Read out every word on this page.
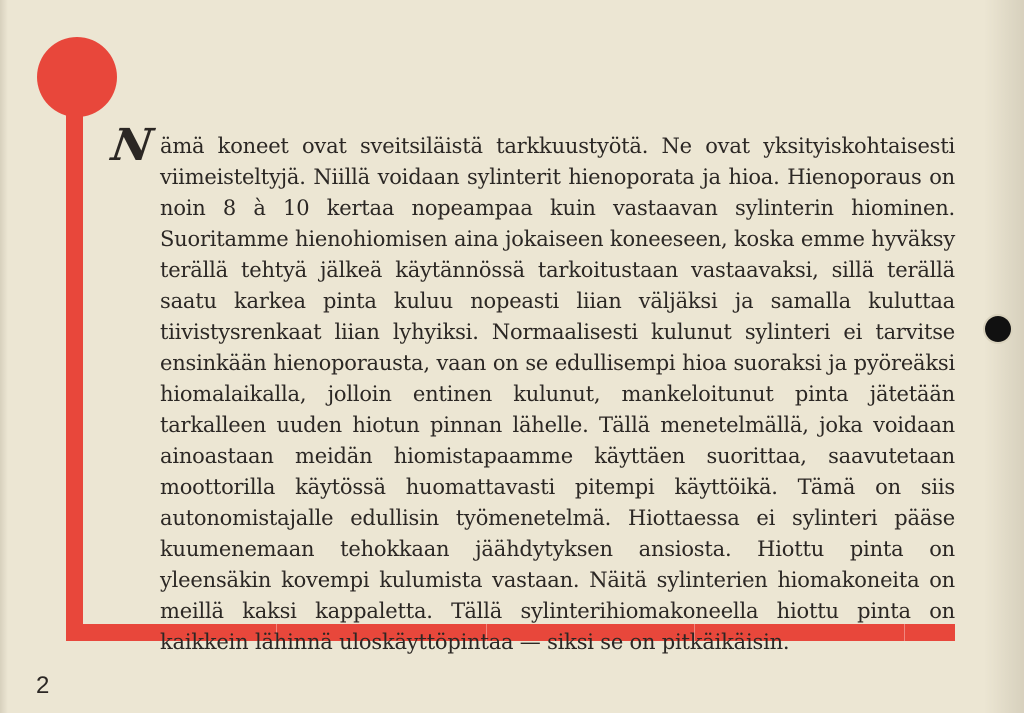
N ämä koneet ovat sveitsiläistä tarkkuustyötä. Ne ovat yksityiskohtaisesti viimeisteltyjä. Niillä voidaan sylinterit hienoporata ja hioa. Hienoporaus on noin 8 à 10 kertaa nopeampaa kuin vastaavan sylinterin hiominen. Suoritamme hienohiomisen aina jokaiseen koneeseen, koska emme hyväksy terällä tehtyä jälkeä käytännössä tarkoitustaan vastaavaksi, sillä terällä saatu karkea pinta kuluu nopeasti liian väljäksi ja samalla kuluttaa tiivistysrenkaat liian lyhyiksi. Normaalisesti kulunut sylinteri ei tarvitse ensinkään hienoporausta, vaan on se edullisempi hioa suoraksi ja pyöreäksi hiomalaikalla, jolloin entinen kulunut, mankeloitunut pinta jätetään tarkalleen uuden hiotun pinnan lähelle. Tällä menetelmällä, joka voidaan ainoastaan meidän hiomistapaamme käyttäen suorittaa, saavutetaan moottorilla käytössä huomattavasti pitempi käyttöikä. Tämä on siis autonomistajalle edullisin työmenetelmä. Hiottaessa ei sylinteri pääse kuumenemaan tehokkaan jäähdytyksen ansiosta. Hiottu pinta on yleensäkin kovempi kulumista vastaan. Näitä sylinterien hiomakoneita on meillä kaksi kappaletta. Tällä sylinterihiomakoneella hiottu pinta on kaikkein lähinnä uloskäyttöpintaa — siksi se on pitkäikäisin.
2
